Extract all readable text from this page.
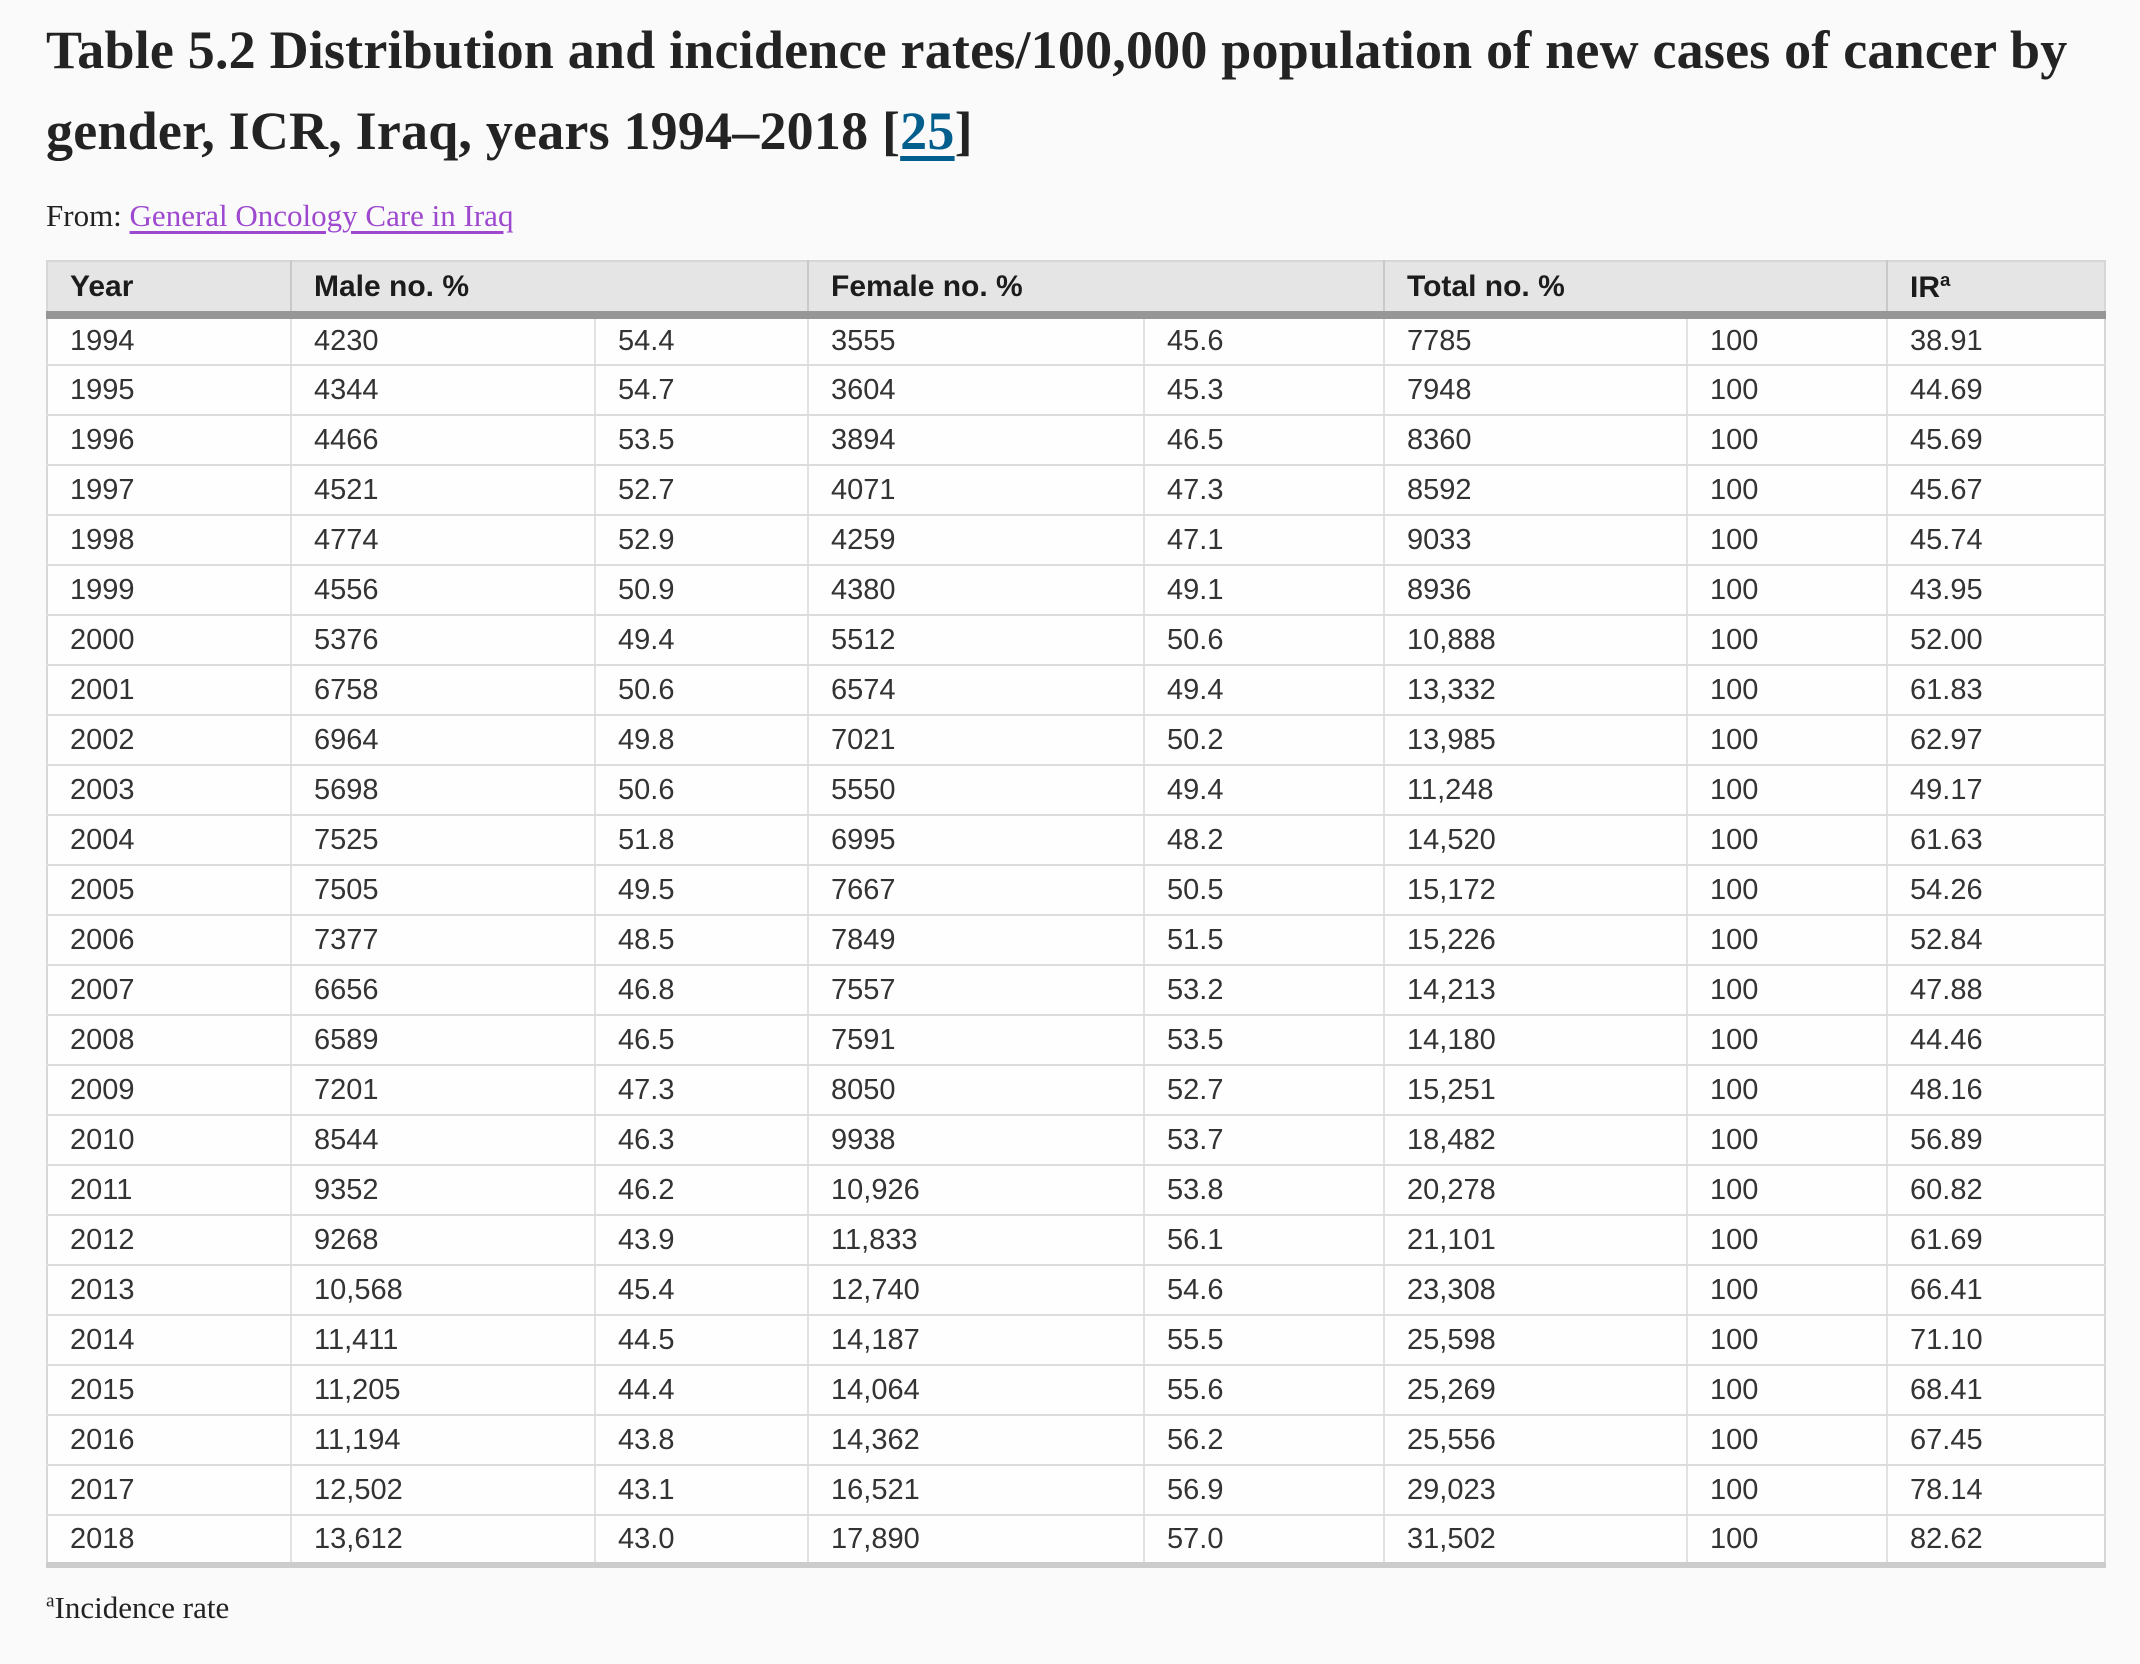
Table 5.2 Distribution and incidence rates/100,000 population of new cases of cancer by gender, ICR, Iraq, years 1994–2018 [25]

From: General Oncology Care in Iraq

Year	Male no. %		Female no. %		Total no. %		$IR^a$
1994	4230	54.4	3555	45.6	7785	100	38.91
1995	4344	54.7	3604	45.3	7948	100	44.69
1996	4466	53.5	3894	46.5	8360	100	45.69
1997	4521	52.7	4071	47.3	8592	100	45.67
1998	4774	52.9	4259	47.1	9033	100	45.74
1999	4556	50.9	4380	49.1	8936	100	43.95
2000	5376	49.4	5512	50.6	10,888	100	52.00
2001	6758	50.6	6574	49.4	13,332	100	61.83
2002	6964	49.8	7021	50.2	13,985	100	62.97
2003	5698	50.6	5550	49.4	11,248	100	49.17
2004	7525	51.8	6995	48.2	14,520	100	61.63
2005	7505	49.5	7667	50.5	15,172	100	54.26
2006	7377	48.5	7849	51.5	15,226	100	52.84
2007	6656	46.8	7557	53.2	14,213	100	47.88
2008	6589	46.5	7591	53.5	14,180	100	44.46
2009	7201	47.3	8050	52.7	15,251	100	48.16
2010	8544	46.3	9938	53.7	18,482	100	56.89
2011	9352	46.2	10,926	53.8	20,278	100	60.82
2012	9268	43.9	11,833	56.1	21,101	100	61.69
2013	10,568	45.4	12,740	54.6	23,308	100	66.41
2014	11,411	44.5	14,187	55.5	25,598	100	71.10
2015	11,205	44.4	14,064	55.6	25,269	100	68.41
2016	11,194	43.8	14,362	56.2	25,556	100	67.45
2017	12,502	43.1	16,521	56.9	29,023	100	78.14
2018	13,612	43.0	17,890	57.0	31,502	100	82.62

$^a$Incidence rate
